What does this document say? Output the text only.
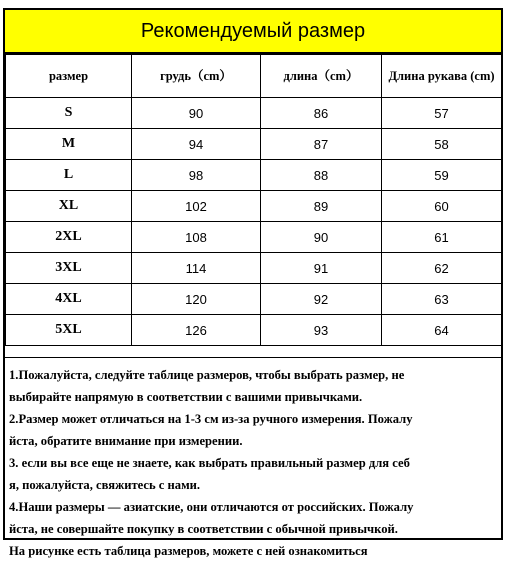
Рекомендуемый размер
размер	грудь（cm）	длина（cm）	Длина рукава (cm)
S	90	86	57
M	94	87	58
L	98	88	59
XL	102	89	60
2XL	108	90	61
3XL	114	91	62
4XL	120	92	63
5XL	126	93	64

1.Пожалуйста, следуйте таблице размеров, чтобы выбрать размер, не

выбирайте напрямую в соответствии с вашими привычками.

2.Размер может отличаться на 1-3 см из-за ручного измерения. Пожалу

йста, обратите внимание при измерении.

3. если вы все еще не знаете, как выбрать правильный размер для себ

я, пожалуйста, свяжитесь с нами.

4.Наши размеры — азиатские, они отличаются от российских. Пожалу

йста, не совершайте покупку в соответствии с обычной привычкой.

На рисунке есть таблица размеров, можете с ней ознакомиться
